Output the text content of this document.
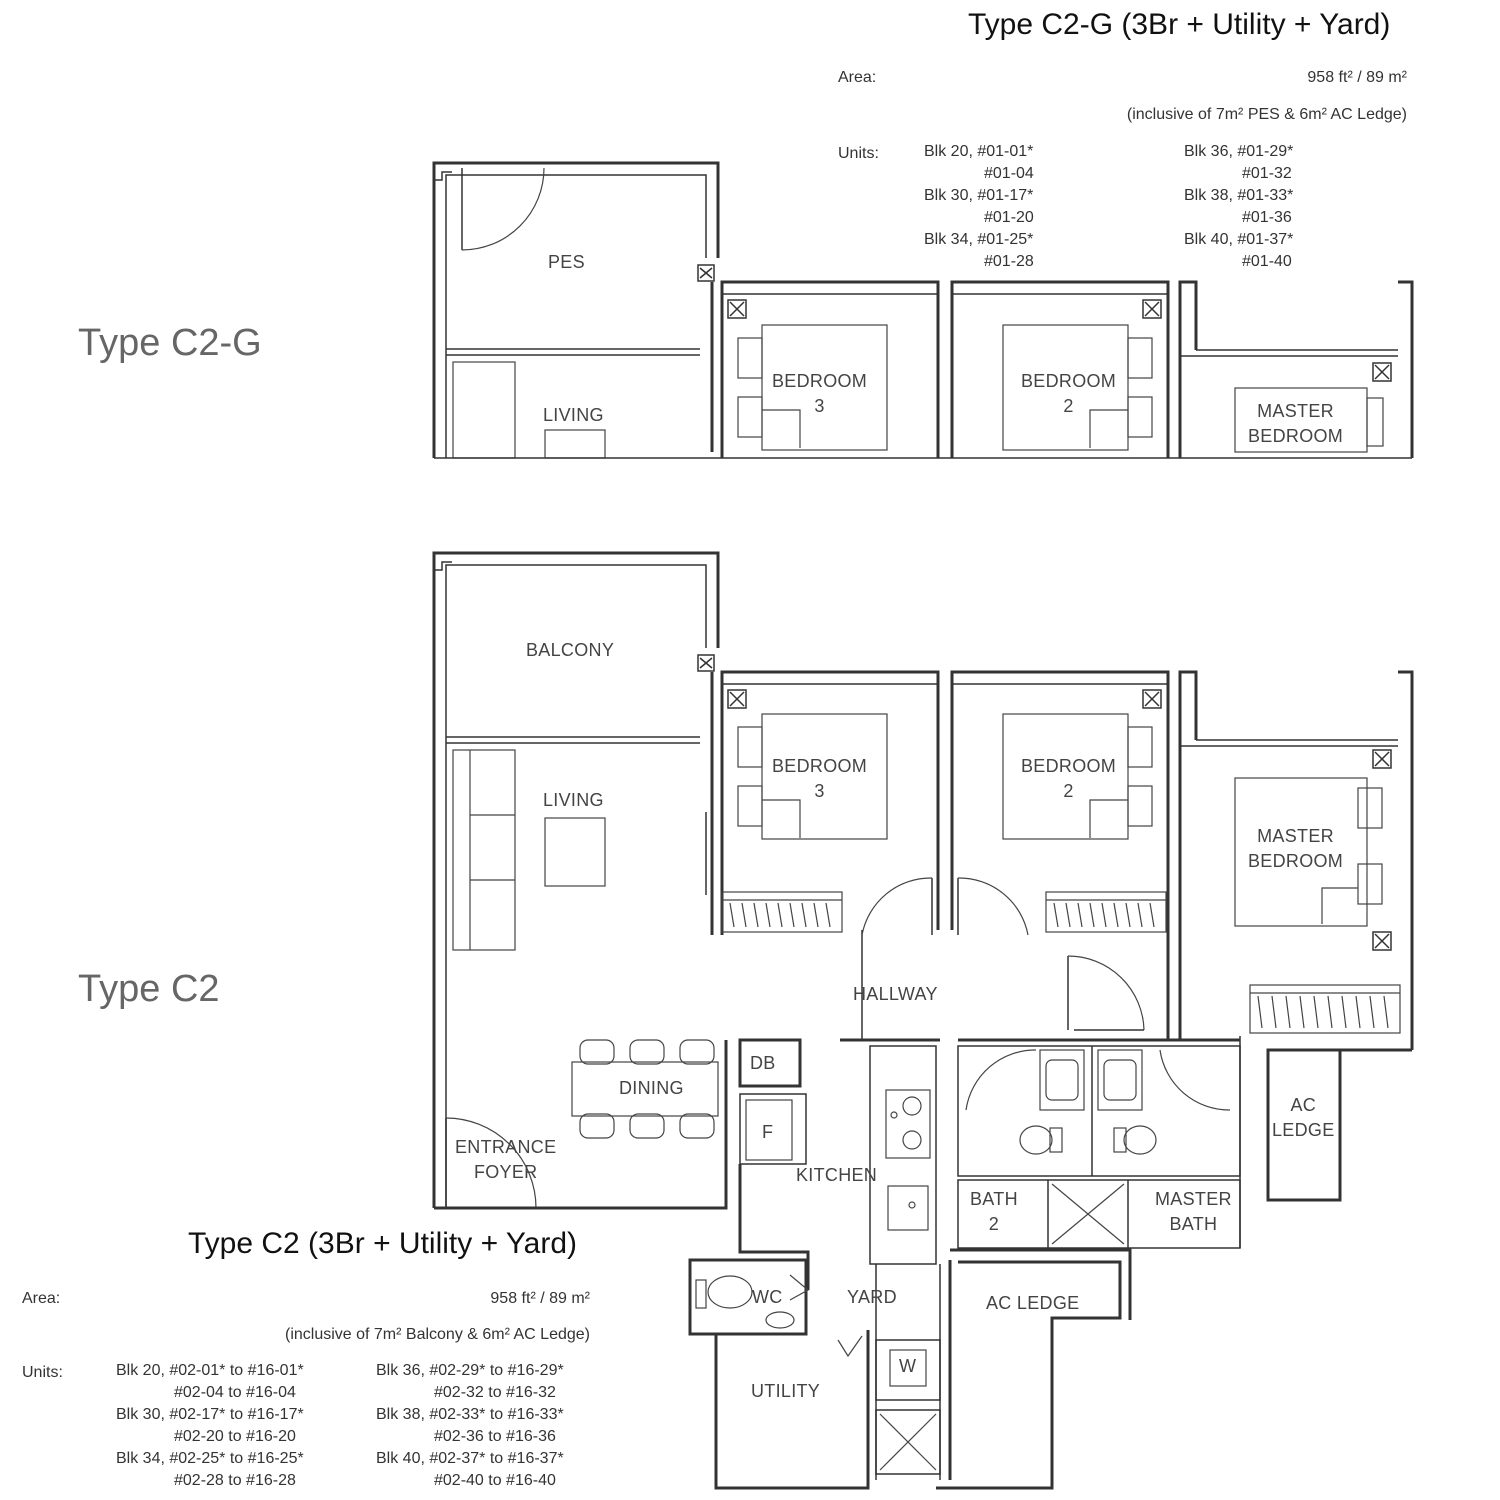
Type C2-G (3Br + Utility + Yard)
Area:	958 ft² / 89 m²
(inclusive of 7m² PES & 6m² AC Ledge)
Units:	Blk 20, #01-01*
#01-04
Blk 30, #01-17*
#01-20
Blk 34, #01-25*
#01-28
Blk 36, #01-29*
#01-32
Blk 38, #01-33*
#01-36
Blk 40, #01-37*
#01-40
Type C2-G
PES
LIVING
BEDROOM
3
BEDROOM
2	MASTER
BEDROOM
Type C2
BALCONY
LIVING
BEDROOM
3
BEDROOM
2
MASTER
BEDROOM
HALLWAY
DB
DINING
F
KITCHEN
ENTRANCE
FOYER
AC
LEDGE
BATH
2
MASTER
BATH
WC	YARD	AC LEDGE
W
UTILITY
Type C2 (3Br + Utility + Yard)
Area:	958 ft² / 89 m²
(inclusive of 7m² Balcony & 6m² AC Ledge)
Units:	Blk 20, #02-01* to #16-01*
#02-04 to #16-04
Blk 30, #02-17* to #16-17*
#02-20 to #16-20
Blk 34, #02-25* to #16-25*
#02-28 to #16-28
Blk 36, #02-29* to #16-29*
#02-32 to #16-32
Blk 38, #02-33* to #16-33*
#02-36 to #16-36
Blk 40, #02-37* to #16-37*
#02-40 to #16-40
